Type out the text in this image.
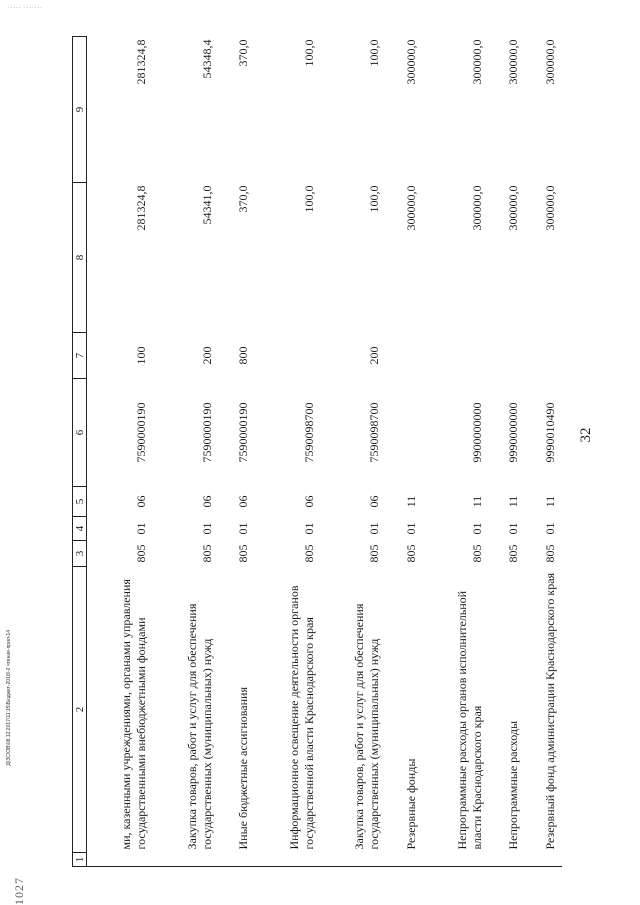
..... .......
32
1	2	3	4	5	6	7	8	9
	ми, казенными учреждениями, органами управления государственными внебюджетными фондами	805	01	06	7590000190	100	281324,8	281324,8
	Закупка товаров, работ и услуг для обеспечения государственных (муниципальных) нужд	805	01	06	7590000190	200	54341,0	54348,4
	Иные бюджетные ассигнования	805	01	06	7590000190	800	370,0	370,0
	Информационное освещение деятельности органов государственной власти Краснодарского края	805	01	06	7590098700		100,0	100,0
	Закупка товаров, работ и услуг для обеспечения государственных (муниципальных) нужд	805	01	06	7590098700	200	100,0	100,0
	Резервные фонды	805	01	11			300000,0	300000,0
	Непрограммные расходы органов исполнительной власти Краснодарского края	805	01	11	9900000000		300000,0	300000,0
	Непрограммные расходы	805	01	11	9990000000		300000,0	300000,0
	Резервный фонд администрации Краснодарского края	805	01	11	9990010490		300000,0	300000,0
Д\ЗС\ОВ\08.12.2017\11:15\Бюджет-2018\-2 чтение-прил-14
1027
